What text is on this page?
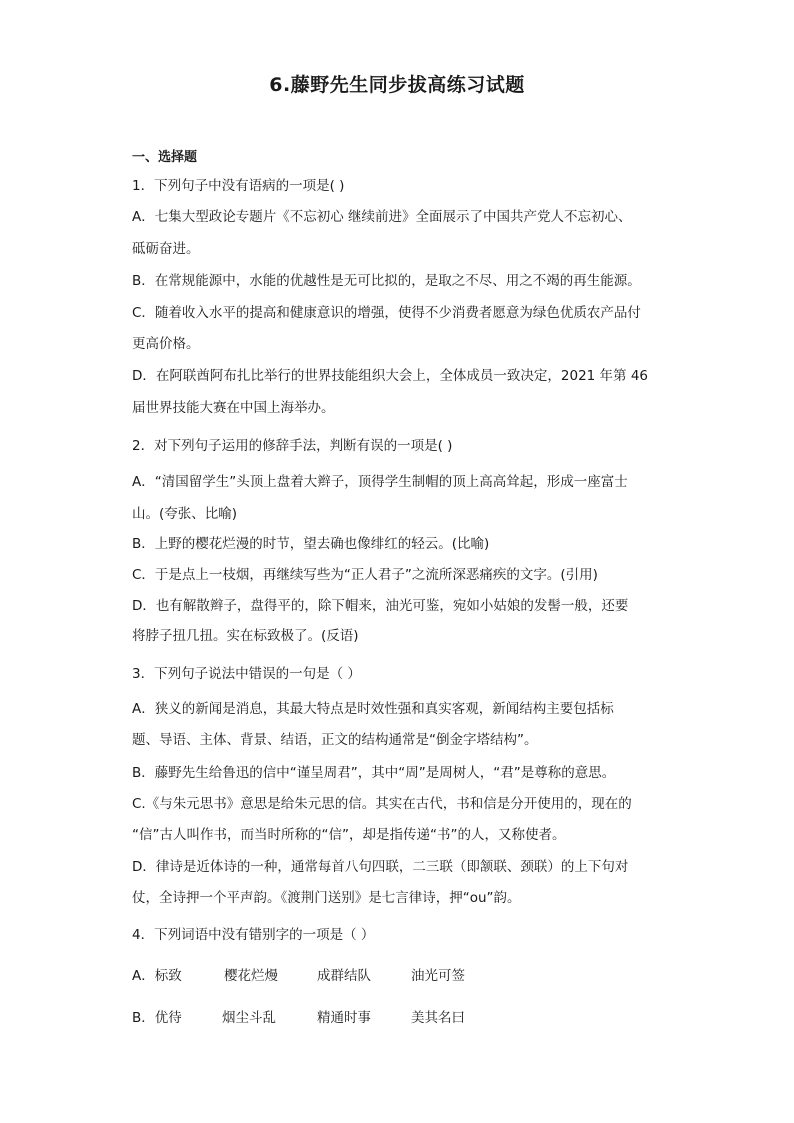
6.藤野先生同步拔高练习试题
一、选择题
1．下列句子中没有语病的一项是( )
A．七集大型政论专题片《不忘初心 继续前进》全面展示了中国共产党人不忘初心、
砥砺奋进。
B．在常规能源中，水能的优越性是无可比拟的，是取之不尽、用之不竭的再生能源。
C．随着收入水平的提高和健康意识的增强，使得不少消费者愿意为绿色优质农产品付
更高价格。
D．在阿联酋阿布扎比举行的世界技能组织大会上，全体成员一致决定，2021 年第 46
届世界技能大赛在中国上海举办。
2．对下列句子运用的修辞手法，判断有误的一项是( )
A．“清国留学生”头顶上盘着大辫子，顶得学生制帽的顶上高高耸起，形成一座富士
山。(夸张、比喻)
B．上野的樱花烂漫的时节，望去确也像绯红的轻云。(比喻)
C．于是点上一枝烟，再继续写些为“正人君子”之流所深恶痛疾的文字。(引用)
D．也有解散辫子，盘得平的，除下帽来，油光可鉴，宛如小姑娘的发髻一般，还要
将脖子扭几扭。实在标致极了。(反语)
3．下列句子说法中错误的一句是（ ）
A．狭义的新闻是消息，其最大特点是时效性强和真实客观，新闻结构主要包括标
题、导语、主体、背景、结语，正文的结构通常是“倒金字塔结构”。
B．藤野先生给鲁迅的信中“谨呈周君”，其中“周”是周树人，“君”是尊称的意思。
C.《与朱元思书》意思是给朱元思的信。其实在古代，书和信是分开使用的，现在的
“信”古人叫作书，而当时所称的“信”，却是指传递“书”的人，又称使者。
D．律诗是近体诗的一种，通常每首八句四联，二三联（即颔联、颈联）的上下句对
仗，全诗押一个平声韵。《渡荆门送别》是七言律诗，押“ou”韵。
4．下列词语中没有错别字的一项是（ ）
A．标致	樱花烂熳	成群结队	油光可签
B．优待	烟尘斗乱	精通时事	美其名曰
